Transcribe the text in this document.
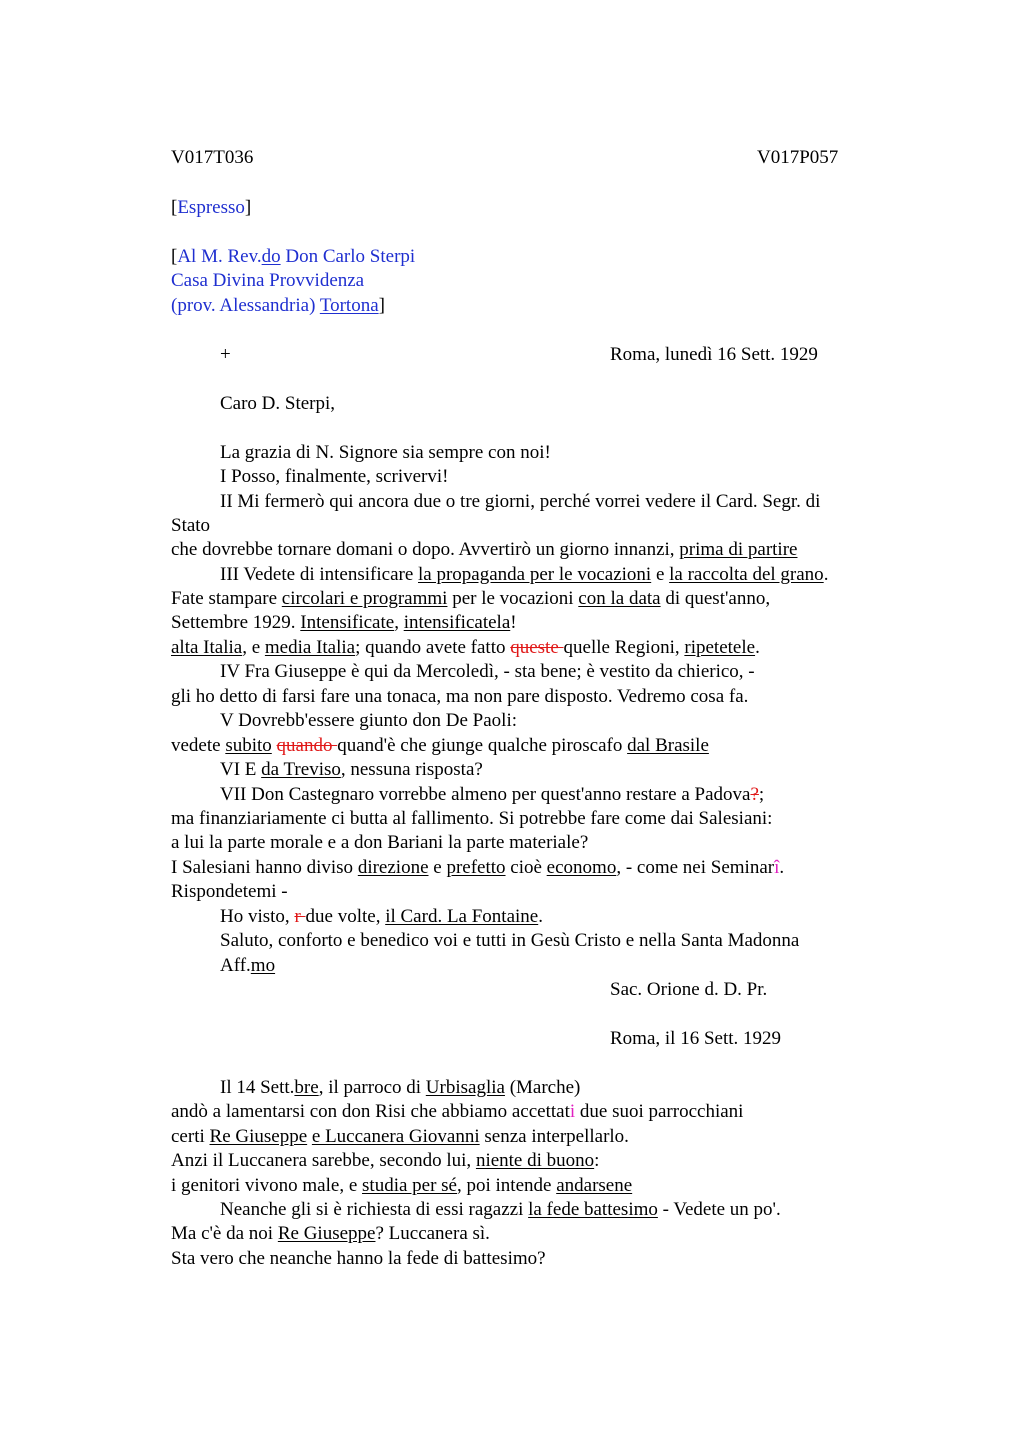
V017T036	V017P057
[Espresso]
[Al M. Rev.do Don Carlo Sterpi
Casa Divina Provvidenza
(prov. Alessandria) Tortona]
+	Roma, lunedì 16 Sett. 1929
Caro D. Sterpi,
La grazia di N. Signore sia sempre con noi!
I Posso, finalmente, scrivervi!
II Mi fermerò qui ancora due o tre giorni, perché vorrei vedere il Card. Segr. di
Stato
che dovrebbe tornare domani o dopo. Avvertirò un giorno innanzi, prima di partire
III Vedete di intensificare la propaganda per le vocazioni e la raccolta del grano.
Fate stampare circolari e programmi per le vocazioni con la data di quest'anno,
Settembre 1929. Intensificate, intensificatela!
alta Italia, e media Italia; quando avete fatto queste quelle Regioni, ripetetele.
IV Fra Giuseppe è qui da Mercoledì, - sta bene; è vestito da chierico, -
gli ho detto di farsi fare una tonaca, ma non pare disposto. Vedremo cosa fa.
V Dovrebb'essere giunto don De Paoli:
vedete subito quando quand'è che giunge qualche piroscafo dal Brasile
VI E da Treviso, nessuna risposta?
VII Don Castegnaro vorrebbe almeno per quest'anno restare a Padova?;
ma finanziariamente ci butta al fallimento. Si potrebbe fare come dai Salesiani:
a lui la parte morale e a don Bariani la parte materiale?
I Salesiani hanno diviso direzione e prefetto cioè economo, - come nei Seminarî.
Rispondetemi -
Ho visto, r due volte, il Card. La Fontaine.
Saluto, conforto e benedico voi e tutti in Gesù Cristo e nella Santa Madonna
Aff.mo
Sac. Orione d. D. Pr.
Roma, il 16 Sett. 1929
Il 14 Sett.bre, il parroco di Urbisaglia (Marche)
andò a lamentarsi con don Risi che abbiamo accettati due suoi parrocchiani
certi Re Giuseppe e Luccanera Giovanni senza interpellarlo.
Anzi il Luccanera sarebbe, secondo lui, niente di buono:
i genitori vivono male, e studia per sé, poi intende andarsene
Neanche gli si è richiesta di essi ragazzi la fede battesimo - Vedete un po'.
Ma c'è da noi Re Giuseppe? Luccanera sì.
Sta vero che neanche hanno la fede di battesimo?
